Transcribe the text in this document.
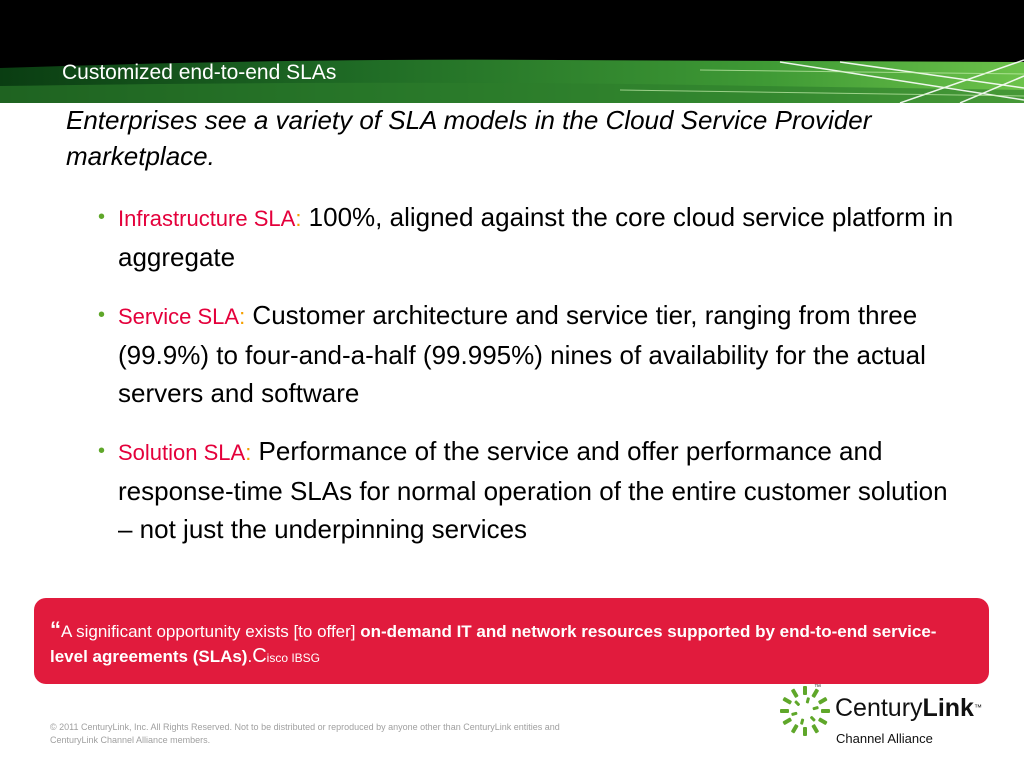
Customized end-to-end SLAs
Enterprises see a variety of SLA models in the Cloud Service Provider marketplace.
• Infrastructure SLA: 100%, aligned against the core cloud service platform in aggregate
• Service SLA: Customer architecture and service tier, ranging from three (99.9%) to four-and-a-half (99.995%) nines of availability for the actual servers and software
• Solution SLA: Performance of the service and offer performance and response-time SLAs for normal operation of the entire customer solution – not just the underpinning services
“A significant opportunity exists [to offer] on-demand IT and network resources supported by end-to-end service-level agreements (SLAs).Cisco IBSG
© 2011 CenturyLink, Inc. All Rights Reserved. Not to be distributed or reproduced by anyone other than CenturyLink entities and CenturyLink Channel Alliance members.
™
CenturyLink™
Channel Alliance
